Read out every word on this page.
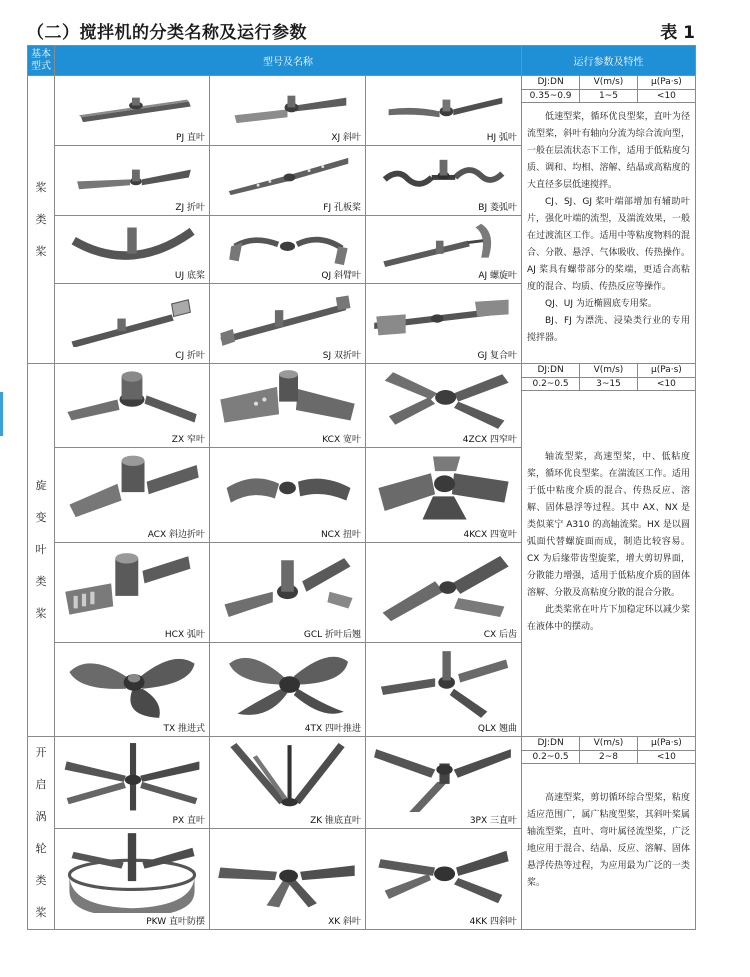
（二）搅拌机的分类名称及运行参数	表 1
基本
型式	型号及名称	运行参数及特性

桨
类
桨

PJ 直叶	XJ 斜叶	HJ 弧叶

DJ:DN	V(m/s)	μ(Pa·s)
0.35~0.9	1~5	<10

低速型桨，循环优良型桨，直叶为径流型桨，斜叶有轴向分流为综合流向型，一般在层流状态下工作，适用于低粘度匀质、调和、均相、溶解、结晶或高粘度的大直径多层低速搅拌。

CJ、SJ、GJ 桨叶端部增加有辅助叶片，强化叶端的流型，及湍流效果，一般在过渡流区工作。适用中等粘度物料的混合、分散、悬浮、气体吸收、传热操作。AJ 桨具有螺带部分的桨端，更适合高粘度的混合、均质、传热反应等操作。

QJ、UJ 为近椭圆底专用桨。

BJ、FJ 为漂洗、浸染类行业的专用搅拌器。

ZJ 折叶	FJ 孔板桨	BJ 菱弧叶

UJ 底桨	QJ 斜臂叶	AJ 螺旋叶

CJ 折叶	SJ 双折叶	GJ 复合叶

旋
变
叶
类
桨

ZX 窄叶	KCX 宽叶	4ZCX 四窄叶

DJ:DN	V(m/s)	μ(Pa·s)
0.2~0.5	3~15	<10

轴流型桨，高速型桨，中、低粘度桨，循环优良型桨。在湍流区工作。适用于低中粘度介质的混合、传热反应、溶解、固体悬浮等过程。其中 AX、NX 是类似莱宁 A310 的高轴流桨。HX 是以圆弧面代替螺旋面而成，制造比较容易。CX 为后缘带齿型旋桨，增大剪切界面，分散能力增强，适用于低粘度介质的固体溶解、分散及高粘度分散的混合分散。

此类桨常在叶片下加稳定环以减少桨在液体中的摆动。

ACX 斜边折叶	NCX 扭叶	4KCX 四宽叶

HCX 弧叶	GCL 折叶后翘	CX 后齿

TX 推进式	4TX 四叶推进	QLX 翘曲

开
启
涡
轮
类
桨

PX 直叶	ZK 锥底直叶	3PX 三直叶

DJ:DN	V(m/s)	μ(Pa·s)
0.2~0.5	2~8	<10

高速型桨，剪切循环综合型桨，粘度适应范围广，属广粘度型桨，其斜叶桨属轴流型桨，直叶、弯叶属径流型桨，广泛地应用于混合、结晶、反应、溶解、固体悬浮传热等过程，为应用最为广泛的一类桨。

PKW 直叶防摆	XK 斜叶	4KK 四斜叶
